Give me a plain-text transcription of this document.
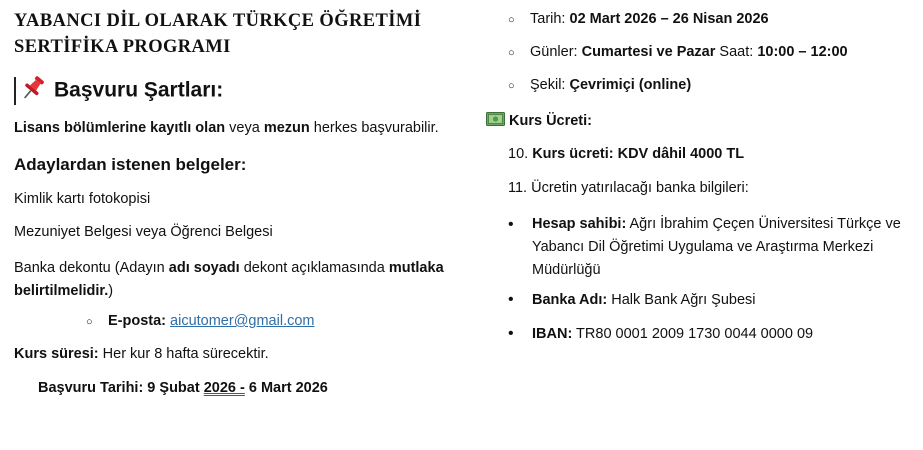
YABANCI DİL OLARAK TÜRKÇE ÖĞRETİMİ SERTİFİKA PROGRAMI
Başvuru Şartları:
Lisans bölümlerine kayıtlı olan veya mezun herkes başvurabilir.
Adaylardan istenen belgeler:
Kimlik kartı fotokopisi
Mezuniyet Belgesi veya Öğrenci Belgesi
Banka dekontu (Adayın adı soyadı dekont açıklamasında mutlaka belirtilmelidir.)
○ E-posta: aicutomer@gmail.com
Kurs süresi: Her kur 8 hafta sürecektir.
Başvuru Tarihi: 9 Şubat 2026 - 6 Mart 2026
○ Tarih: 02 Mart 2026 – 26 Nisan 2026
○ Günler: Cumartesi ve Pazar Saat: 10:00 – 12:00
○ Şekil: Çevrimiçi (online)
Kurs Ücreti:
10. Kurs ücreti: KDV dâhil 4000 TL
11. Ücretin yatırılacağı banka bilgileri:
•	Hesap sahibi: Ağrı İbrahim Çeçen Üniversitesi Türkçe ve Yabancı Dil Öğretimi Uygulama ve Araştırma Merkezi Müdürlüğü
• Banka Adı: Halk Bank Ağrı Şubesi
• IBAN: TR80 0001 2009 1730 0044 0000 09
